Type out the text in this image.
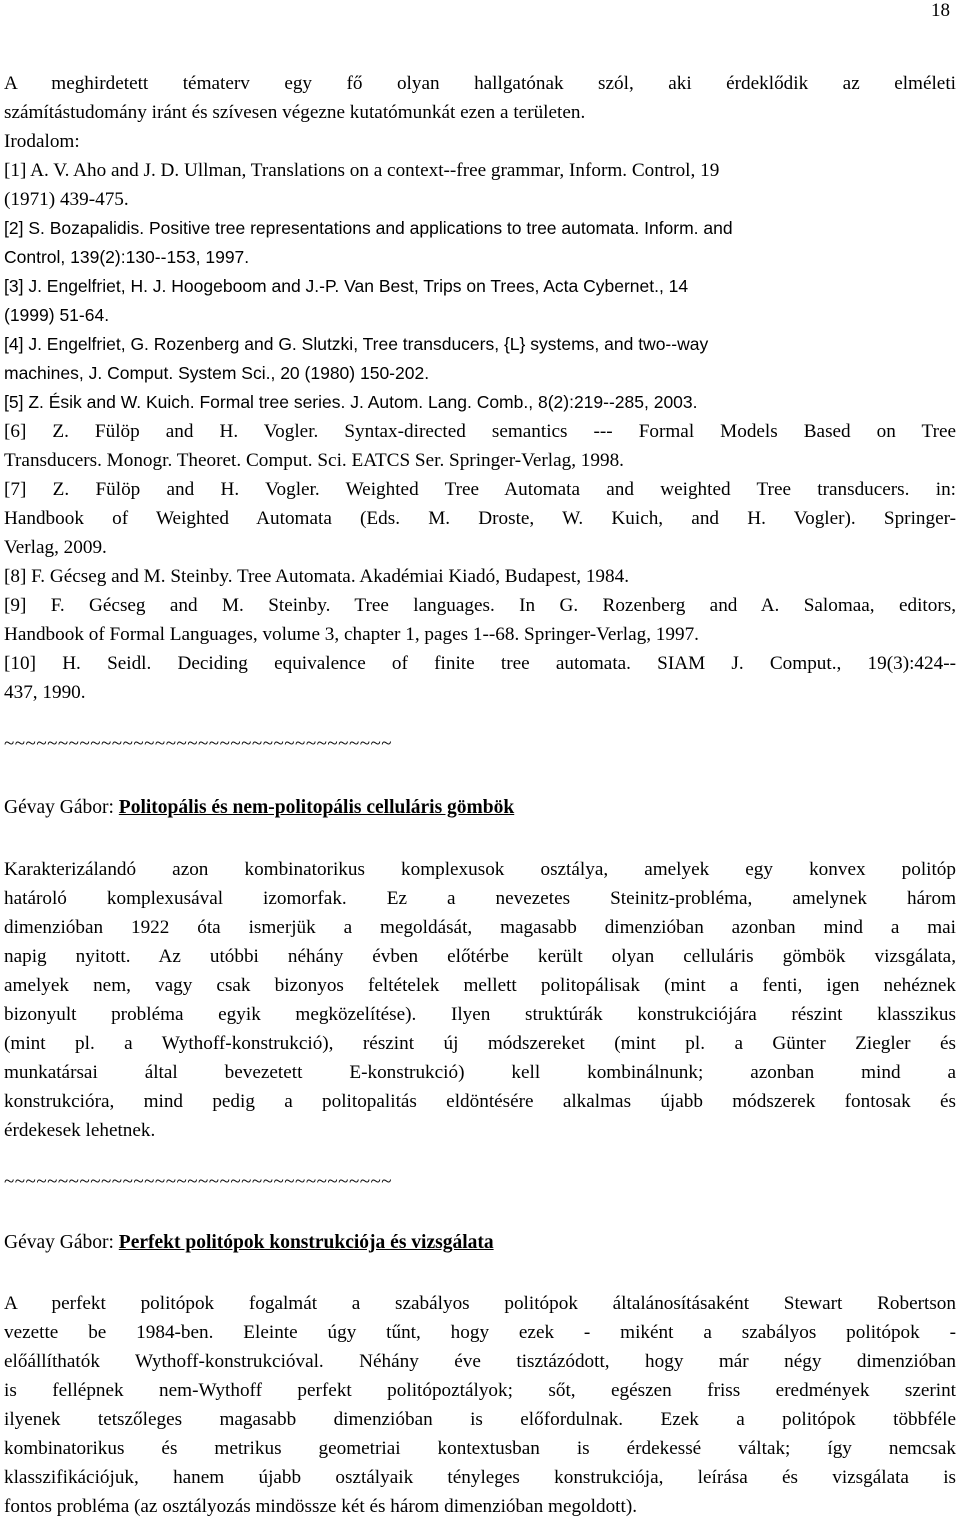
18
A meghirdetett tématerv egy fő olyan hallgatónak szól, aki érdeklődik az elméleti
számítástudomány iránt és szívesen végezne kutatómunkát ezen a területen.
Irodalom:
[1] A. V. Aho and J. D. Ullman, Translations on a context--free grammar, Inform. Control, 19
(1971) 439-475.
[2] S. Bozapalidis. Positive tree representations and applications to tree automata. Inform. and
Control, 139(2):130--153, 1997.
[3] J. Engelfriet, H. J. Hoogeboom and J.-P. Van Best, Trips on Trees, Acta Cybernet., 14
(1999) 51-64.
[4] J. Engelfriet, G. Rozenberg and G. Slutzki, Tree transducers, {L} systems, and two--way
machines, J. Comput. System Sci., 20 (1980) 150-202.
[5] Z. Ésik and W. Kuich. Formal tree series. J. Autom. Lang. Comb., 8(2):219--285, 2003.
[6] Z. Fülöp and H. Vogler. Syntax-directed semantics --- Formal Models Based on Tree
Transducers. Monogr. Theoret. Comput. Sci. EATCS Ser. Springer-Verlag, 1998.
[7] Z. Fülöp and H. Vogler. Weighted Tree Automata and weighted Tree transducers. in:
Handbook of Weighted Automata (Eds. M. Droste, W. Kuich, and H. Vogler). Springer-
Verlag, 2009.
[8] F. Gécseg and M. Steinby. Tree Automata. Akadémiai Kiadó, Budapest, 1984.
[9] F. Gécseg and M. Steinby. Tree languages. In G. Rozenberg and A. Salomaa, editors,
Handbook of Formal Languages, volume 3, chapter 1, pages 1--68. Springer-Verlag, 1997.
[10] H. Seidl. Deciding equivalence of finite tree automata. SIAM J. Comput., 19(3):424--
437, 1990.
~~~~~~~~~~~~~~~~~~~~~~~~~~~~~~~~~~~~
Gévay Gábor: Politopális és nem-politopális celluláris gömbök
Karakterizálandó azon kombinatorikus komplexusok osztálya, amelyek egy konvex politóp
határoló komplexusával izomorfak. Ez a nevezetes Steinitz-probléma, amelynek három
dimenzióban 1922 óta ismerjük a megoldását, magasabb dimenzióban azonban mind a mai
napig nyitott. Az utóbbi néhány évben előtérbe került olyan celluláris gömbök vizsgálata,
amelyek nem, vagy csak bizonyos feltételek mellett politopálisak (mint a fenti, igen nehéznek
bizonyult probléma egyik megközelítése). Ilyen struktúrák konstrukciójára részint klasszikus
(mint pl. a Wythoff-konstrukció), részint új módszereket (mint pl. a Günter Ziegler és
munkatársai által bevezetett E-konstrukció) kell kombinálnunk; azonban mind a
konstrukcióra, mind pedig a politopalitás eldöntésére alkalmas újabb módszerek fontosak és
érdekesek lehetnek.
~~~~~~~~~~~~~~~~~~~~~~~~~~~~~~~~~~~~
Gévay Gábor: Perfekt politópok konstrukciója és vizsgálata
A perfekt politópok fogalmát a szabályos politópok általánosításaként Stewart Robertson
vezette be 1984-ben. Eleinte úgy tűnt, hogy ezek - miként a szabályos politópok -
előállíthatók Wythoff-konstrukcióval. Néhány éve tisztázódott, hogy már négy dimenzióban
is fellépnek nem-Wythoff perfekt politópoztályok; sőt, egészen friss eredmények szerint
ilyenek tetszőleges magasabb dimenzióban is előfordulnak. Ezek a politópok többféle
kombinatorikus és metrikus geometriai kontextusban is érdekessé váltak; így nemcsak
klasszifikációjuk, hanem újabb osztályaik tényleges konstrukciója, leírása és vizsgálata is
fontos probléma (az osztályozás mindössze két és három dimenzióban megoldott).
